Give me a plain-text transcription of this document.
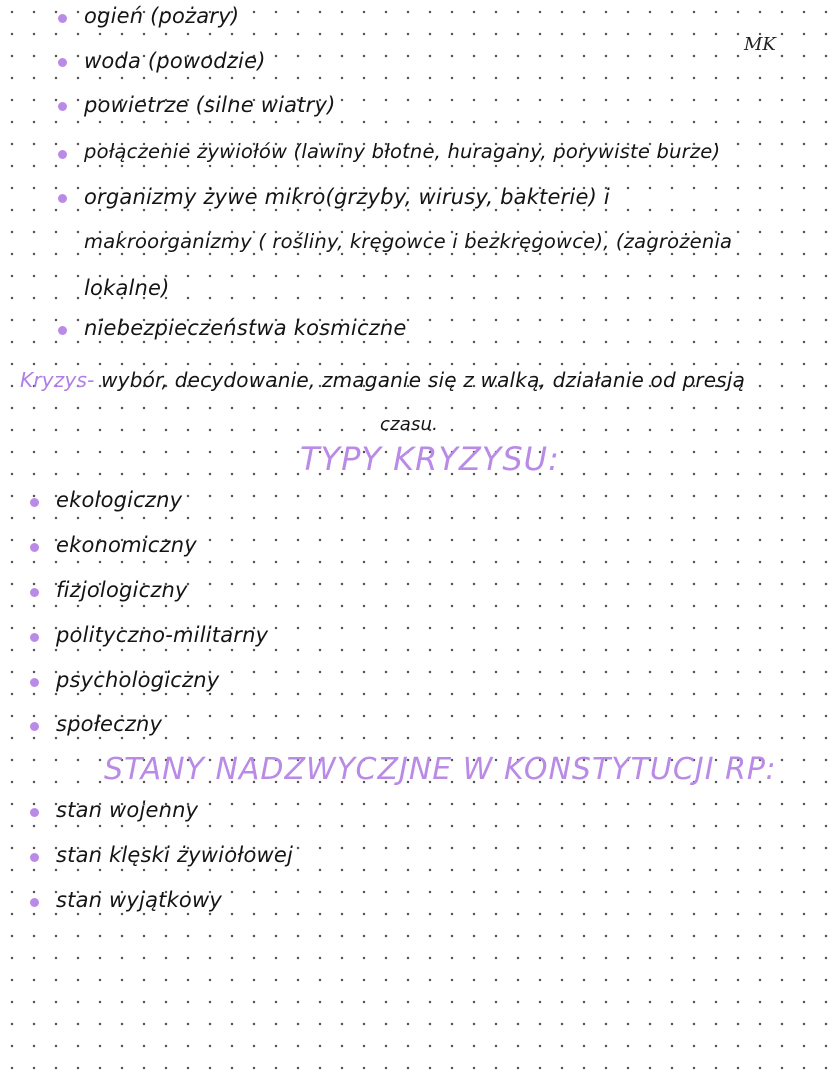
MK
ogień (pożary)
woda (powodzie)
powietrze (silne wiatry)
połączenie żywiołów (lawiny błotne, huragany, porywiste burze)
organizmy żywe mikro(grzyby, wirusy, bakterie) i
makroorganizmy ( rośliny, kręgowce i bezkręgowce), (zagrożenia
lokalne)
niebezpieczeństwa kosmiczne
Kryzys- wybór, decydowanie, zmaganie się z walką, działanie od presją
czasu.
TYPY KRYZYSU:
ekologiczny
ekonomiczny
fizjologiczny
polityczno-militarny
psychologiczny
społeczny
STANY NADZWYCZJNE W KONSTYTUCJI RP:
stan wojenny
stan klęski żywiołowej
stan wyjątkowy
